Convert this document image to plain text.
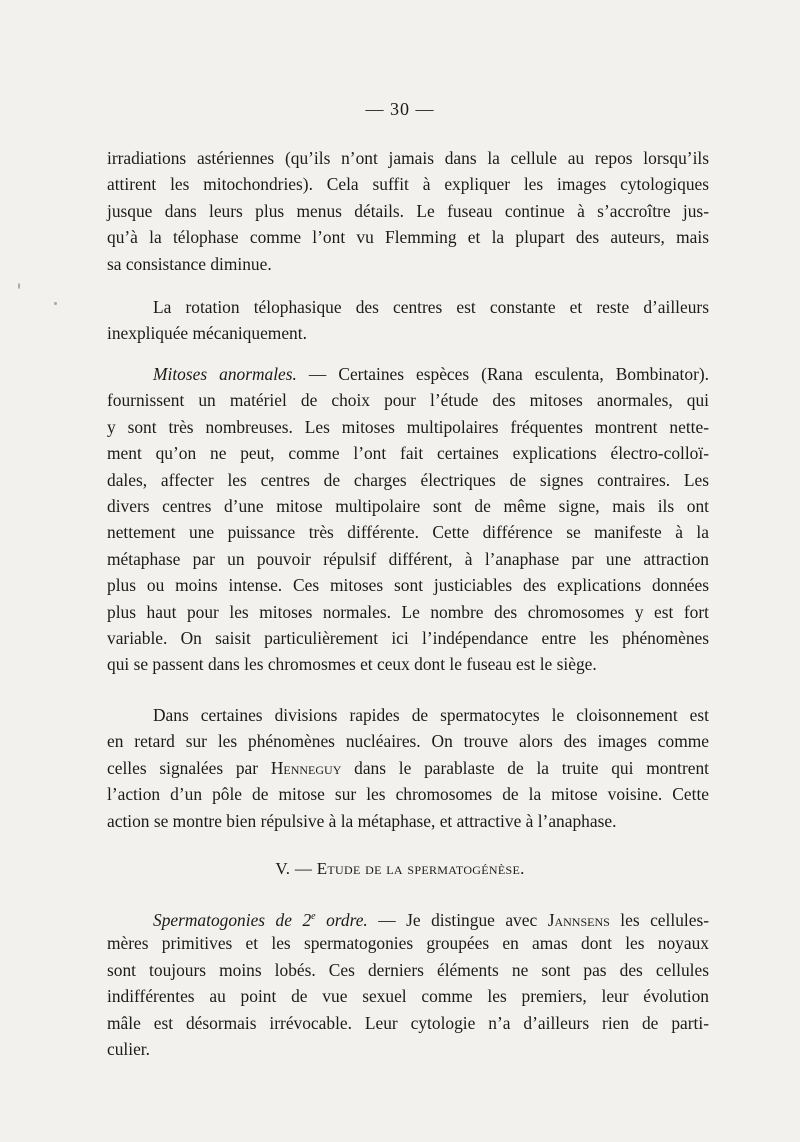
— 30 —
irradiations astériennes (qu’ils n’ont jamais dans la cellule au repos lorsqu’ils
attirent les mitochondries). Cela suffit à expliquer les images cytologiques
jusque dans leurs plus menus détails. Le fuseau continue à s’accroître jus-
qu’à la télophase comme l’ont vu Flemming et la plupart des auteurs, mais
sa consistance diminue.
La rotation télophasique des centres est constante et reste d’ailleurs
inexpliquée mécaniquement.
Mitoses anormales. — Certaines espèces (Rana esculenta, Bombinator).
fournissent un matériel de choix pour l’étude des mitoses anormales, qui
y sont très nombreuses. Les mitoses multipolaires fréquentes montrent nette-
ment qu’on ne peut, comme l’ont fait certaines explications électro-colloï-
dales, affecter les centres de charges électriques de signes contraires. Les
divers centres d’une mitose multipolaire sont de même signe, mais ils ont
nettement une puissance très différente. Cette différence se manifeste à la
métaphase par un pouvoir répulsif différent, à l’anaphase par une attraction
plus ou moins intense. Ces mitoses sont justiciables des explications données
plus haut pour les mitoses normales. Le nombre des chromosomes y est fort
variable. On saisit particulièrement ici l’indépendance entre les phénomènes
qui se passent dans les chromosmes et ceux dont le fuseau est le siège.
Dans certaines divisions rapides de spermatocytes le cloisonnement est
en retard sur les phénomènes nucléaires. On trouve alors des images comme
celles signalées par Henneguy dans le parablaste de la truite qui montrent
l’action d’un pôle de mitose sur les chromosomes de la mitose voisine. Cette
action se montre bien répulsive à la métaphase, et attractive à l’anaphase.
V. — Etude de la spermatogénèse.
Spermatogonies de 2e ordre. — Je distingue avec Jannsens les cellules-
mères primitives et les spermatogonies groupées en amas dont les noyaux
sont toujours moins lobés. Ces derniers éléments ne sont pas des cellules
indifférentes au point de vue sexuel comme les premiers, leur évolution
mâle est désormais irrévocable. Leur cytologie n’a d’ailleurs rien de parti-
culier.
